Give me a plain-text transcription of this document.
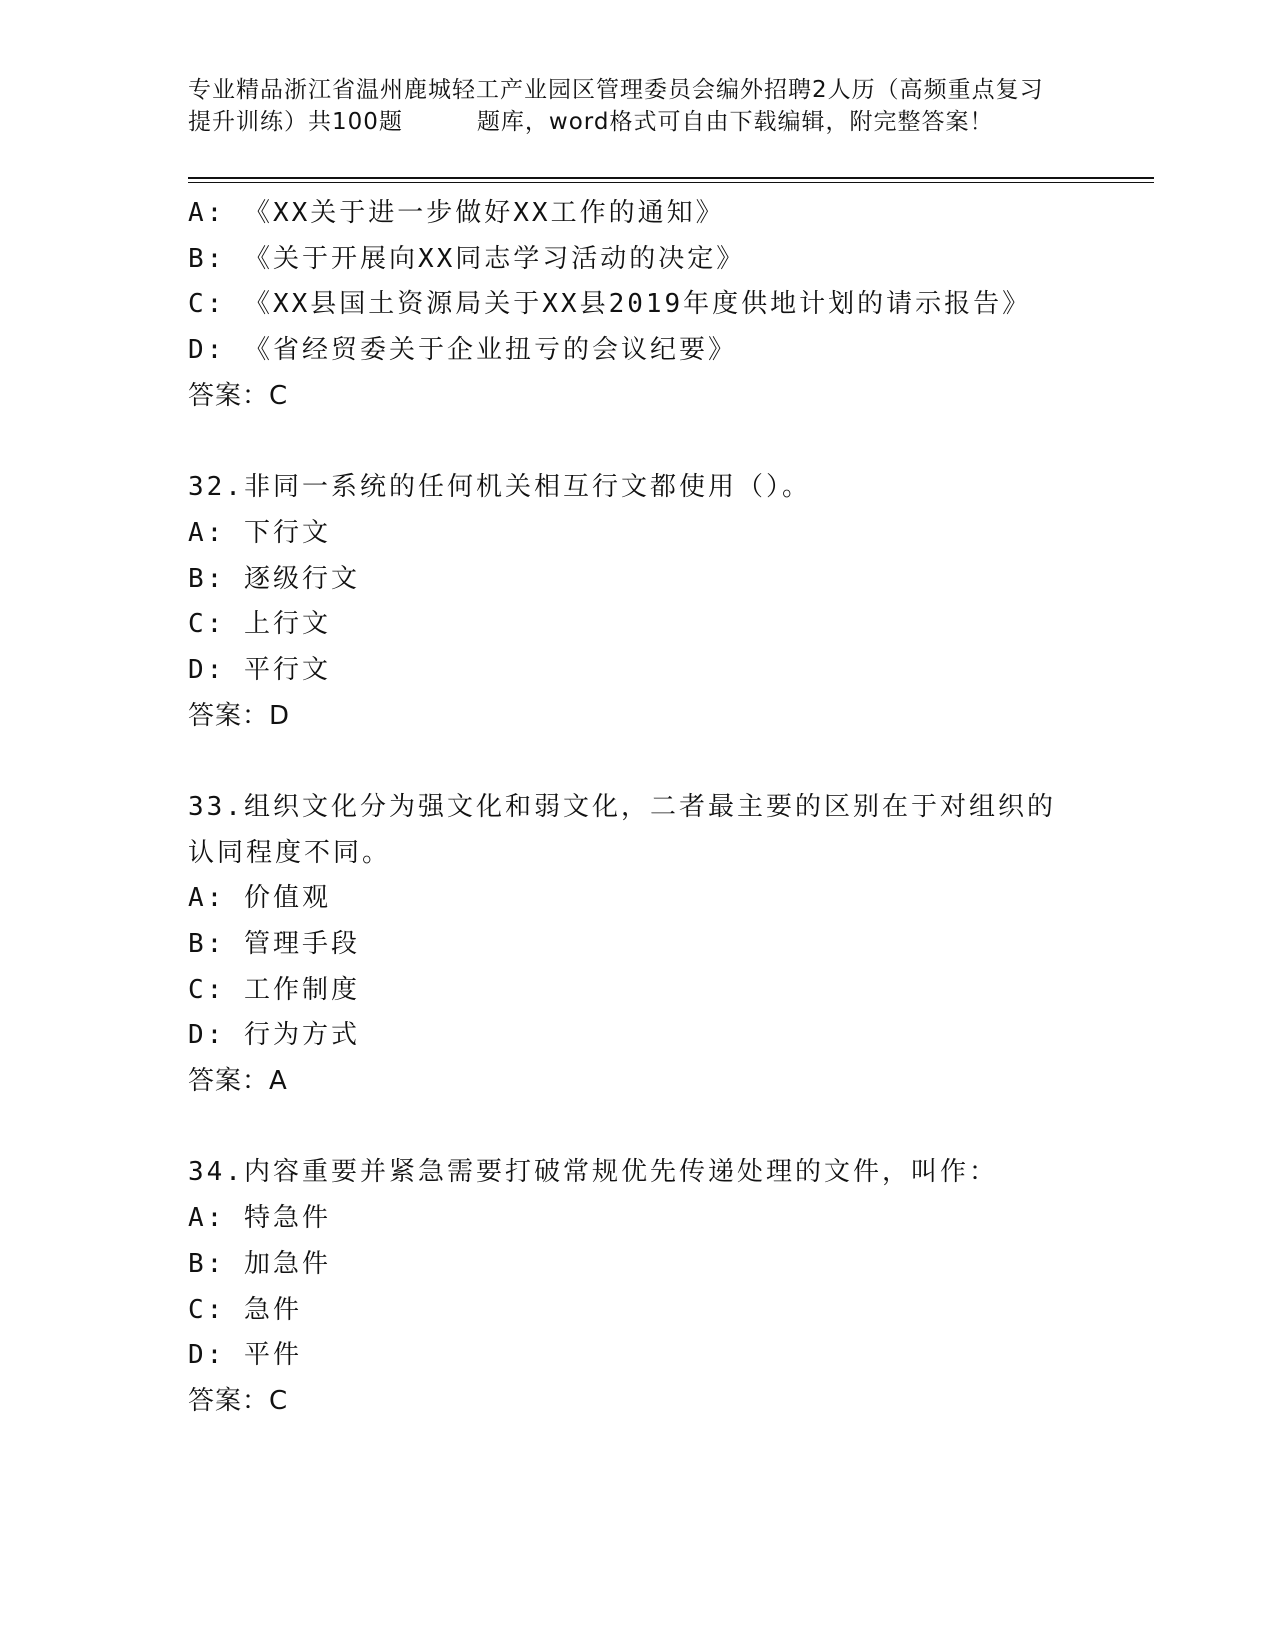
专业精品浙江省温州鹿城轻工产业园区管理委员会编外招聘2人历（高频重点复习
提升训练）共100题	题库，word格式可自由下载编辑，附完整答案！
A: 《XX关于进一步做好XX工作的通知》
B: 《关于开展向XX同志学习活动的决定》
C: 《XX县国土资源局关于XX县2019年度供地计划的请示报告》
D: 《省经贸委关于企业扭亏的会议纪要》
答案：C
32.非同一系统的任何机关相互行文都使用（）。
A: 下行文
B: 逐级行文
C: 上行文
D: 平行文
答案：D
33.组织文化分为强文化和弱文化，二者最主要的区别在于对组织的认同程度不同。
A: 价值观
B: 管理手段
C: 工作制度
D: 行为方式
答案：A
34.内容重要并紧急需要打破常规优先传递处理的文件，叫作：
A: 特急件
B: 加急件
C: 急件
D: 平件
答案：C
